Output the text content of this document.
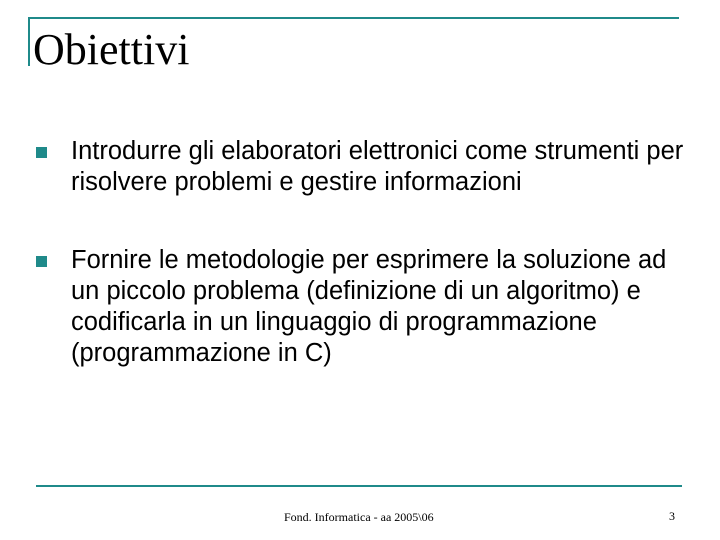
Obiettivi
Introdurre gli elaboratori elettronici come strumenti per risolvere problemi e gestire informazioni
Fornire le metodologie per esprimere la soluzione ad un piccolo problema (definizione di un algoritmo) e codificarla in un linguaggio di programmazione (programmazione in C)
Fond. Informatica - aa 2005\06	3
